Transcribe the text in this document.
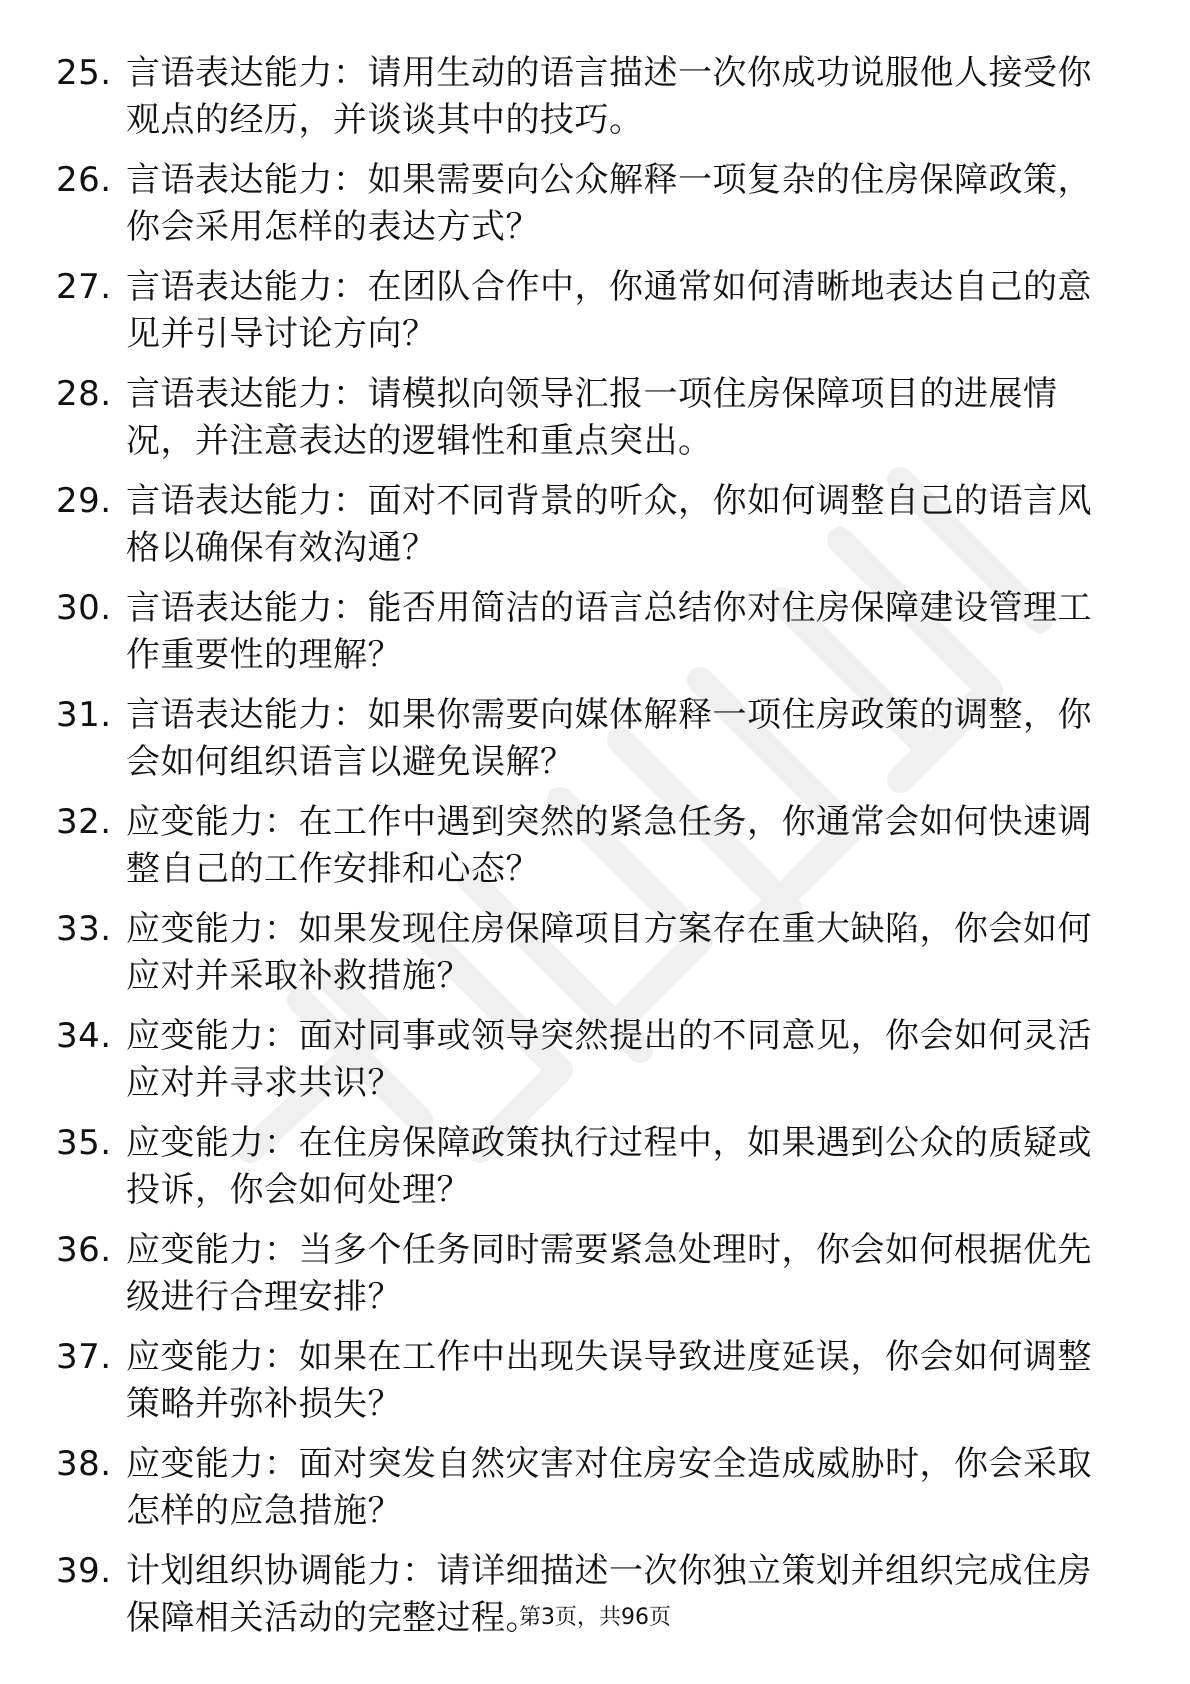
25. 言语表达能力：请用生动的语言描述一次你成功说服他人接受你观点的经历，并谈谈其中的技巧。
26. 言语表达能力：如果需要向公众解释一项复杂的住房保障政策，你会采用怎样的表达方式？
27. 言语表达能力：在团队合作中，你通常如何清晰地表达自己的意见并引导讨论方向？
28. 言语表达能力：请模拟向领导汇报一项住房保障项目的进展情况，并注意表达的逻辑性和重点突出。
29. 言语表达能力：面对不同背景的听众，你如何调整自己的语言风格以确保有效沟通？
30. 言语表达能力：能否用简洁的语言总结你对住房保障建设管理工作重要性的理解？
31. 言语表达能力：如果你需要向媒体解释一项住房政策的调整，你会如何组织语言以避免误解？
32. 应变能力：在工作中遇到突然的紧急任务，你通常会如何快速调整自己的工作安排和心态？
33. 应变能力：如果发现住房保障项目方案存在重大缺陷，你会如何应对并采取补救措施？
34. 应变能力：面对同事或领导突然提出的不同意见，你会如何灵活应对并寻求共识？
35. 应变能力：在住房保障政策执行过程中，如果遇到公众的质疑或投诉，你会如何处理？
36. 应变能力：当多个任务同时需要紧急处理时，你会如何根据优先级进行合理安排？
37. 应变能力：如果在工作中出现失误导致进度延误，你会如何调整策略并弥补损失？
38. 应变能力：面对突发自然灾害对住房安全造成威胁时，你会采取怎样的应急措施？
39. 计划组织协调能力：请详细描述一次你独立策划并组织完成住房保障相关活动的完整过程。
第3页，共96页
